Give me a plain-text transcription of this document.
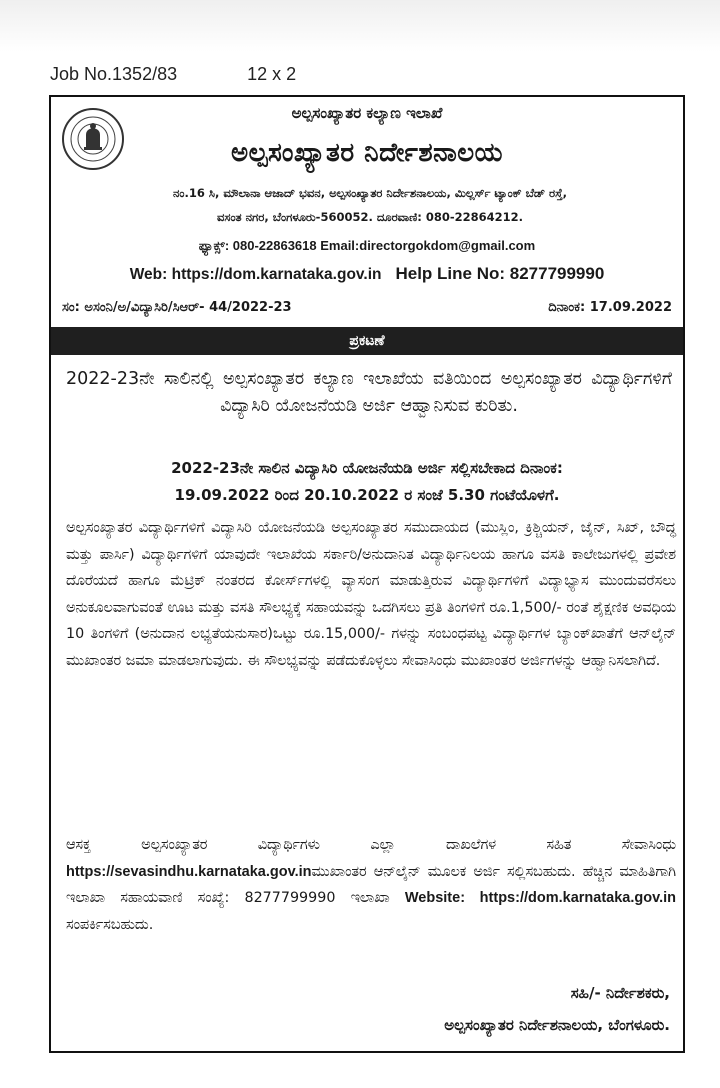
Job No.1352/83	12 x 2
ಅಲ್ಪಸಂಖ್ಯಾತರ ಕಲ್ಯಾಣ ಇಲಾಖೆ
ಅಲ್ಪಸಂಖ್ಯಾತರ ನಿರ್ದೇಶನಾಲಯ
ನಂ.16 ಸಿ, ಮೌಲಾನಾ ಆಜಾದ್ ಭವನ, ಅಲ್ಪಸಂಖ್ಯಾತರ ನಿರ್ದೇಶನಾಲಯ, ಮಿಲ್ಲರ್ಸ್ ಟ್ಯಾಂಕ್ ಬೆಡ್ ರಸ್ತೆ,
ವಸಂತ ನಗರ, ಬೆಂಗಳೂರು-560052. ದೂರವಾಣಿ: 080-22864212.
ಫ್ಯಾಕ್ಸ್: 080-22863618 Email:directorgokdom@gmail.com
Web: https://dom.karnataka.gov.in Help Line No: 8277799990
ಸಂ: ಅಸಂನಿ/ಅ/ವಿದ್ಯಾಸಿರಿ/ಸಿಆರ್- 44/2022-23	ದಿನಾಂಕ: 17.09.2022
ಪ್ರಕಟಣೆ
2022-23ನೇ ಸಾಲಿನಲ್ಲಿ ಅಲ್ಪಸಂಖ್ಯಾತರ ಕಲ್ಯಾಣ ಇಲಾಖೆಯ ವತಿಯಿಂದ ಅಲ್ಪಸಂಖ್ಯಾತರ ವಿದ್ಯಾರ್ಥಿಗಳಿಗೆ ವಿದ್ಯಾಸಿರಿ ಯೋಜನೆಯಡಿ ಅರ್ಜಿ ಆಹ್ವಾನಿಸುವ ಕುರಿತು.
2022-23ನೇ ಸಾಲಿನ ವಿದ್ಯಾಸಿರಿ ಯೋಜನೆಯಡಿ ಅರ್ಜಿ ಸಲ್ಲಿಸಬೇಕಾದ ದಿನಾಂಕ:
19.09.2022 ರಿಂದ 20.10.2022 ರ ಸಂಜೆ 5.30 ಗಂಟೆಯೊಳಗೆ.
ಅಲ್ಪಸಂಖ್ಯಾತರ ವಿದ್ಯಾರ್ಥಿಗಳಿಗೆ ವಿದ್ಯಾಸಿರಿ ಯೋಜನೆಯಡಿ ಅಲ್ಪಸಂಖ್ಯಾತರ ಸಮುದಾಯದ (ಮುಸ್ಲಿಂ, ಕ್ರಿಶ್ಚಿಯನ್, ಜೈನ್, ಸಿಖ್, ಬೌದ್ಧ ಮತ್ತು ಪಾರ್ಸಿ) ವಿದ್ಯಾರ್ಥಿಗಳಿಗೆ ಯಾವುದೇ ಇಲಾಖೆಯ ಸರ್ಕಾರಿ/ಅನುದಾನಿತ ವಿದ್ಯಾರ್ಥಿನಿಲಯ ಹಾಗೂ ವಸತಿ ಕಾಲೇಜುಗಳಲ್ಲಿ ಪ್ರವೇಶ ದೊರೆಯದೆ ಹಾಗೂ ಮೆಟ್ರಿಕ್ ನಂತರದ ಕೋರ್ಸ್‌ಗಳಲ್ಲಿ ವ್ಯಾಸಂಗ ಮಾಡುತ್ತಿರುವ ವಿದ್ಯಾರ್ಥಿಗಳಿಗೆ ವಿದ್ಯಾಭ್ಯಾಸ ಮುಂದುವರೆಸಲು ಅನುಕೂಲವಾಗುವಂತೆ ಊಟ ಮತ್ತು ವಸತಿ ಸೌಲಭ್ಯಕ್ಕೆ ಸಹಾಯವನ್ನು ಒದಗಿಸಲು ಪ್ರತಿ ತಿಂಗಳಿಗೆ ರೂ.1,500/- ರಂತೆ ಶೈಕ್ಷಣಿಕ ಅವಧಿಯ 10 ತಿಂಗಳಿಗೆ (ಅನುದಾನ ಲಭ್ಯತೆಯನುಸಾರ)ಒಟ್ಟು ರೂ.15,000/- ಗಳನ್ನು ಸಂಬಂಧಪಟ್ಟ ವಿದ್ಯಾರ್ಥಿಗಳ ಬ್ಯಾಂಕ್‌ಖಾತೆಗೆ ಆನ್‌ಲೈನ್ ಮುಖಾಂತರ ಜಮಾ ಮಾಡಲಾಗುವುದು. ಈ ಸೌಲಭ್ಯವನ್ನು ಪಡೆದುಕೊಳ್ಳಲು ಸೇವಾಸಿಂಧು ಮುಖಾಂತರ ಅರ್ಜಿಗಳನ್ನು ಆಹ್ವಾನಿಸಲಾಗಿದೆ.
ಆಸಕ್ತ ಅಲ್ಪಸಂಖ್ಯಾತರ ವಿದ್ಯಾರ್ಥಿಗಳು ಎಲ್ಲಾ ದಾಖಲೆಗಳ ಸಹಿತ ಸೇವಾಸಿಂಧು https://sevasindhu.karnataka.gov.inಮುಖಾಂತರ ಆನ್‌ಲೈನ್ ಮೂಲಕ ಅರ್ಜಿ ಸಲ್ಲಿಸಬಹುದು. ಹೆಚ್ಚಿನ ಮಾಹಿತಿಗಾಗಿ ಇಲಾಖಾ ಸಹಾಯವಾಣಿ ಸಂಖ್ಯೆ: 8277799990 ಇಲಾಖಾ Website: https://dom.karnataka.gov.in ಸಂಪರ್ಕಿಸಬಹುದು.
ಸಹಿ/- ನಿರ್ದೇಶಕರು,
ಅಲ್ಪಸಂಖ್ಯಾತರ ನಿರ್ದೇಶನಾಲಯ, ಬೆಂಗಳೂರು.
